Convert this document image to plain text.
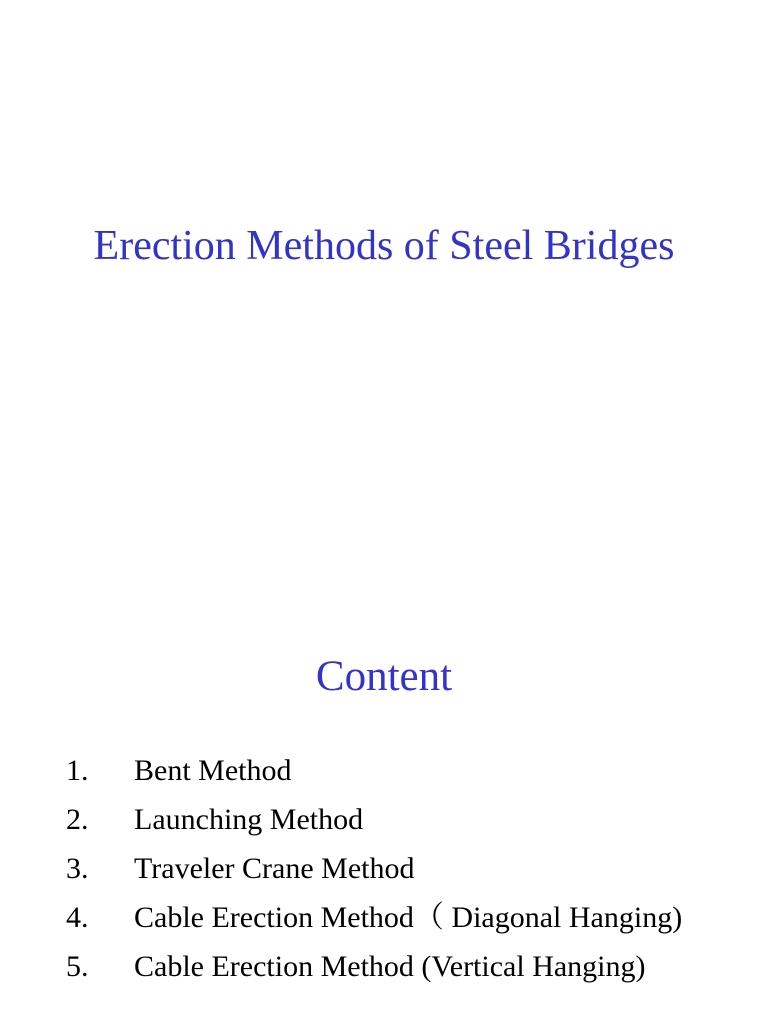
Erection Methods of Steel Bridges
Content
1. Bent Method
2. Launching Method
3. Traveler Crane Method
4. Cable Erection Method（ Diagonal Hanging)
5. Cable Erection Method (Vertical Hanging)
